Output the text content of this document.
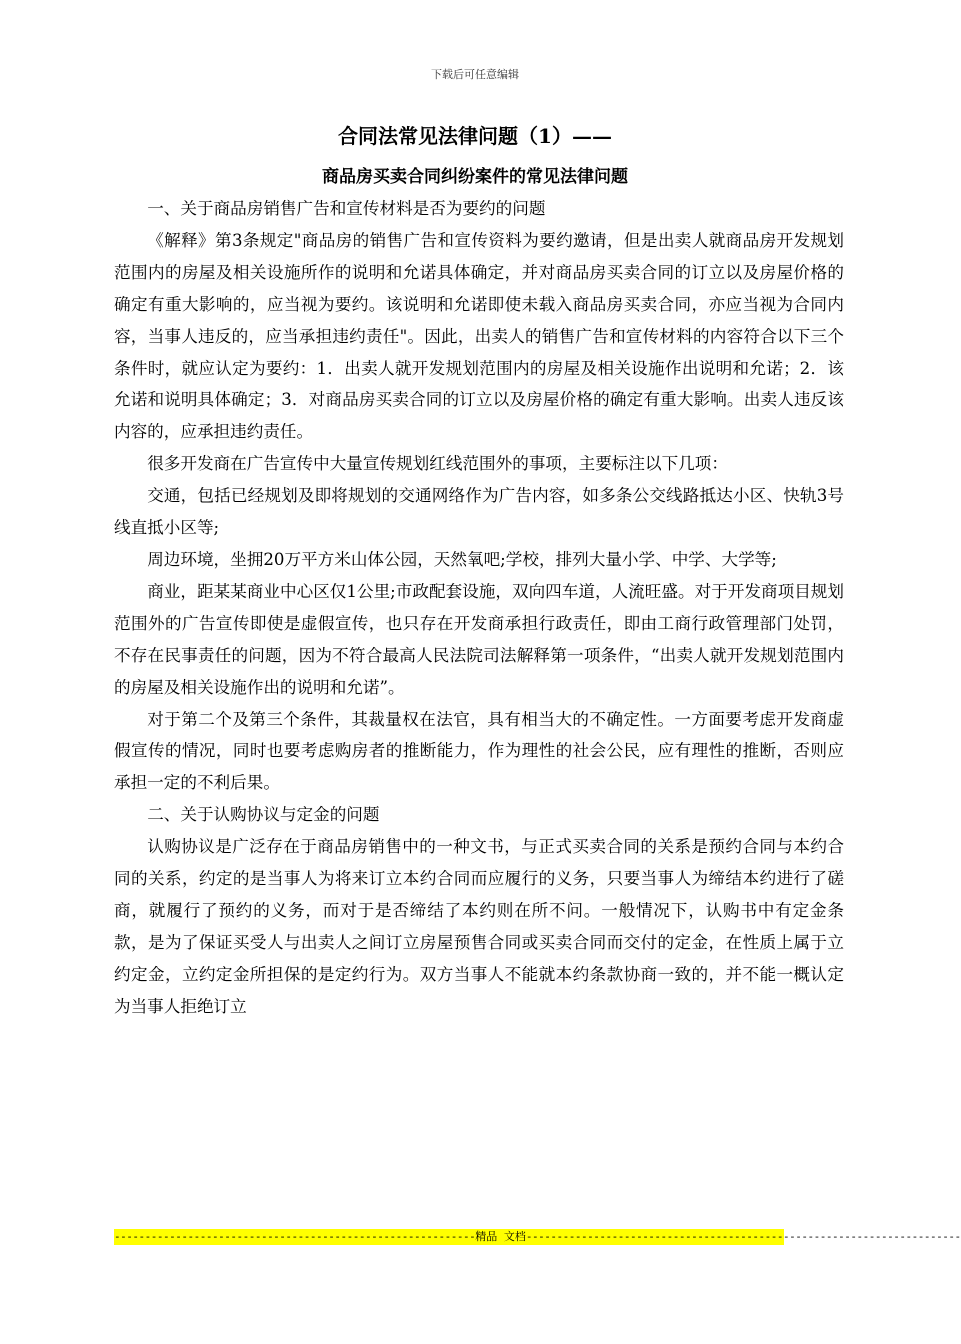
下载后可任意编辑
合同法常见法律问题（1）——
商品房买卖合同纠纷案件的常见法律问题

一、关于商品房销售广告和宣传材料是否为要约的问题

《解释》第3条规定"商品房的销售广告和宣传资料为要约邀请，但是出卖人就商品房开发规划范围内的房屋及相关设施所作的说明和允诺具体确定，并对商品房买卖合同的订立以及房屋价格的确定有重大影响的，应当视为要约。该说明和允诺即使未载入商品房买卖合同，亦应当视为合同内容，当事人违反的，应当承担违约责任"。因此，出卖人的销售广告和宣传材料的内容符合以下三个条件时，就应认定为要约：1．出卖人就开发规划范围内的房屋及相关设施作出说明和允诺；2．该允诺和说明具体确定；3．对商品房买卖合同的订立以及房屋价格的确定有重大影响。出卖人违反该内容的，应承担违约责任。

很多开发商在广告宣传中大量宣传规划红线范围外的事项，主要标注以下几项：

交通，包括已经规划及即将规划的交通网络作为广告内容，如多条公交线路抵达小区、快轨3号线直抵小区等;

周边环境，坐拥20万平方米山体公园，天然氧吧;学校，排列大量小学、中学、大学等;

商业，距某某商业中心区仅1公里;市政配套设施，双向四车道，人流旺盛。对于开发商项目规划范围外的广告宣传即使是虚假宣传，也只存在开发商承担行政责任，即由工商行政管理部门处罚，不存在民事责任的问题，因为不符合最高人民法院司法解释第一项条件，“出卖人就开发规划范围内的房屋及相关设施作出的说明和允诺”。

对于第二个及第三个条件，其裁量权在法官，具有相当大的不确定性。一方面要考虑开发商虚假宣传的情况，同时也要考虑购房者的推断能力，作为理性的社会公民，应有理性的推断，否则应承担一定的不利后果。

二、关于认购协议与定金的问题

认购协议是广泛存在于商品房销售中的一种文书，与正式买卖合同的关系是预约合同与本约合同的关系，约定的是当事人为将来订立本约合同而应履行的义务，只要当事人为缔结本约进行了磋商，就履行了预约的义务，而对于是否缔结了本约则在所不问。一般情况下，认购书中有定金条款，是为了保证买受人与出卖人之间订立房屋预售合同或买卖合同而交付的定金，在性质上属于立约定金，立约定金所担保的是定约行为。双方当事人不能就本约条款协商一致的，并不能一概认定为当事人拒绝订立

-----------------------------------------------------------精品 文档-----------------------------------------------------------------------
